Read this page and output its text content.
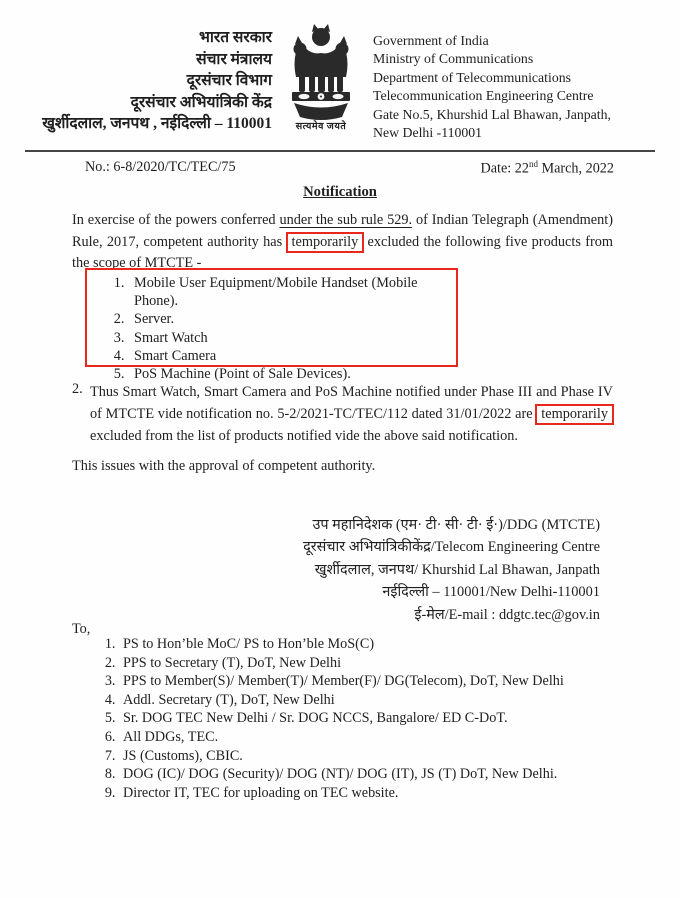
भारत सरकार
संचार मंत्रालय
दूरसंचार विभाग
दूरसंचार अभियांत्रिकी केंद्र
खुर्शीदलाल, जनपथ , नईदिल्ली – 110001	सत्यमेव जयते
Government of India
Ministry of Communications
Department of Telecommunications
Telecommunication Engineering Centre
Gate No.5, Khurshid Lal Bhawan, Janpath,
New Delhi -110001
No.: 6-8/2020/TC/TEC/75	Date: 22nd March, 2022
Notification
In exercise of the powers conferred under the sub rule 529. of Indian Telegraph (Amendment) Rule, 2017, competent authority has temporarily excluded the following five products from the scope of MTCTE -
1. Mobile User Equipment/Mobile Handset (Mobile Phone).
2. Server.
3. Smart Watch
4. Smart Camera
5. PoS Machine (Point of Sale Devices).
2. Thus Smart Watch, Smart Camera and PoS Machine notified under Phase III and Phase IV of MTCTE vide notification no. 5-2/2021-TC/TEC/112 dated 31/01/2022 are temporarily excluded from the list of products notified vide the above said notification.
This issues with the approval of competent authority.
उप महानिदेशक (एम· टी· सी· टी· ई·)/DDG (MTCTE)
दूरसंचार अभियांत्रिकीकेंद्र/Telecom Engineering Centre
खुर्शीदलाल, जनपथ/ Khurshid Lal Bhawan, Janpath
नईदिल्ली – 110001/New Delhi-110001
ई-मेल/E-mail : ddgtc.tec@gov.in
To,
1. PS to Hon’ble MoC/ PS to Hon’ble MoS(C)
2. PPS to Secretary (T), DoT, New Delhi
3. PPS to Member(S)/ Member(T)/ Member(F)/ DG(Telecom), DoT, New Delhi
4. Addl. Secretary (T), DoT, New Delhi
5. Sr. DOG TEC New Delhi / Sr. DOG NCCS, Bangalore/ ED C-DoT.
6. All DDGs, TEC.
7. JS (Customs), CBIC.
8. DOG (IC)/ DOG (Security)/ DOG (NT)/ DOG (IT), JS (T) DoT, New Delhi.
9. Director IT, TEC for uploading on TEC website.
